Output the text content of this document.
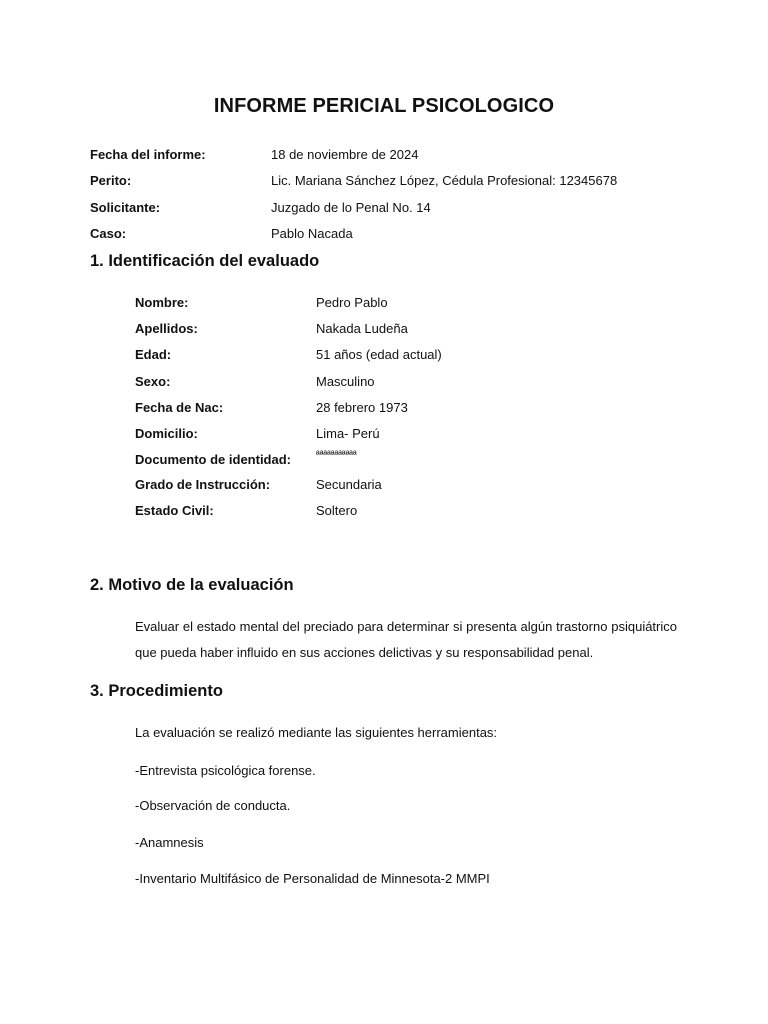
INFORME PERICIAL PSICOLOGICO
Fecha del informe:	18 de noviembre de 2024
Perito:	Lic. Mariana Sánchez López, Cédula Profesional: 12345678
Solicitante:	Juzgado de lo Penal No. 14
Caso:	Pablo Nacada
1. Identificación del evaluado
Nombre:	Pedro Pablo
Apellidos:	Nakada Ludeña
Edad:	51 años (edad actual)
Sexo:	Masculino
Fecha de Nac:	28 febrero 1973
Domicilio:	Lima- Perú
Documento de identidad:	ªªªªªªªªªªª
Grado de Instrucción:	Secundaria
Estado Civil:	Soltero
2. Motivo de la evaluación
Evaluar el estado mental del preciado para determinar si presenta algún trastorno psiquiátrico que pueda haber influido en sus acciones delictivas y su responsabilidad penal.
3. Procedimiento
La evaluación se realizó mediante las siguientes herramientas:
-Entrevista psicológica forense.
-Observación de conducta.
-Anamnesis
-Inventario Multifásico de Personalidad de Minnesota-2 MMPI
